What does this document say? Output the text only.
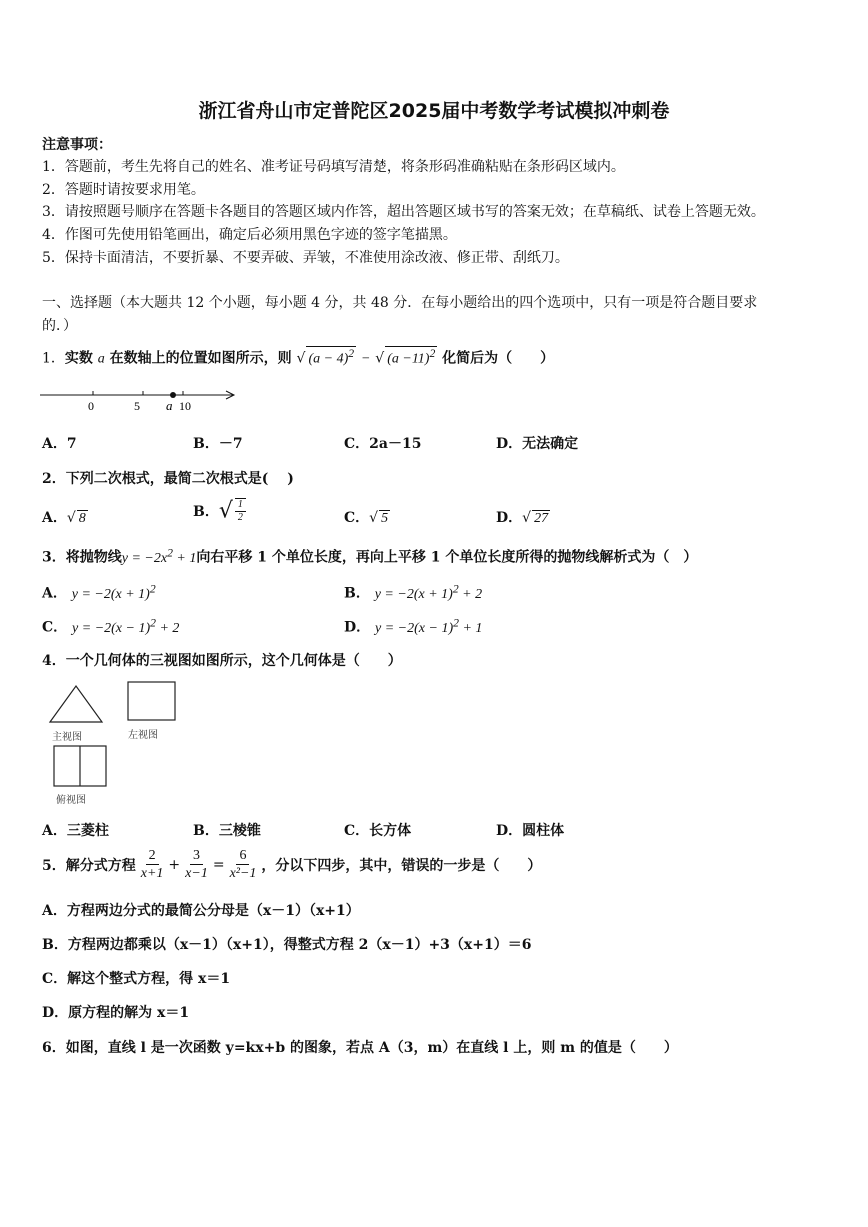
浙江省舟山市定普陀区2025届中考数学考试模拟冲刺卷
注意事项：
1．答题前，考生先将自己的姓名、准考证号码填写清楚，将条形码准确粘贴在条形码区域内。
2．答题时请按要求用笔。
3．请按照题号顺序在答题卡各题目的答题区域内作答，超出答题区域书写的答案无效；在草稿纸、试卷上答题无效。
4．作图可先使用铅笔画出，确定后必须用黑色字迹的签字笔描黑。
5．保持卡面清洁，不要折暴、不要弄破、弄皱，不准使用涂改液、修正带、刮纸刀。
一、选择题（本大题共 12 个小题，每小题 4 分，共 48 分．在每小题给出的四个选项中，只有一项是符合题目要求
的．）
1．实数 a 在数轴上的位置如图所示，则 √ $(a - 4)^2$ − √ $(a -11)^2$ 化简后为（　　）
0	5 a 10
A．7	B．－7	C．2a－15	D．无法确定
2．下列二次根式，最简二次根式是(　 )
A．√ 8	B．√ $\frac{1}{2}$	C．√ 5	D．√ 27
3．将抛物线$y = -2x^2 + 1$向右平移 1 个单位长度，再向上平移 1 个单位长度所得的抛物线解析式为（　）
A． $y = -2(x + 1)^2$	B． $y = -2(x + 1)^2 + 2$
C． $y = -2(x - 1)^2 + 2$	D． $y = -2(x - 1)^2 + 1$
4．一个几何体的三视图如图所示，这个几何体是（　　）
主视图	左视图
俯视图
A．三菱柱	B．三棱锥	C．长方体	D．圆柱体
5．解分式方程 $\frac{2}{x+1} + \frac{3}{x-1} = \frac{6}{\text{x²−1}}$ ，分以下四步，其中，错误的一步是（　　）
A．方程两边分式的最简公分母是（x－1）（x+1）
B．方程两边都乘以（x－1）（x+1），得整式方程 2（x－1）+3（x+1）＝6
C．解这个整式方程，得 x＝1
D．原方程的解为 x＝1
6．如图，直线 l 是一次函数 y=kx+b 的图象，若点 A（3，m）在直线 l 上，则 m 的值是（　　）
